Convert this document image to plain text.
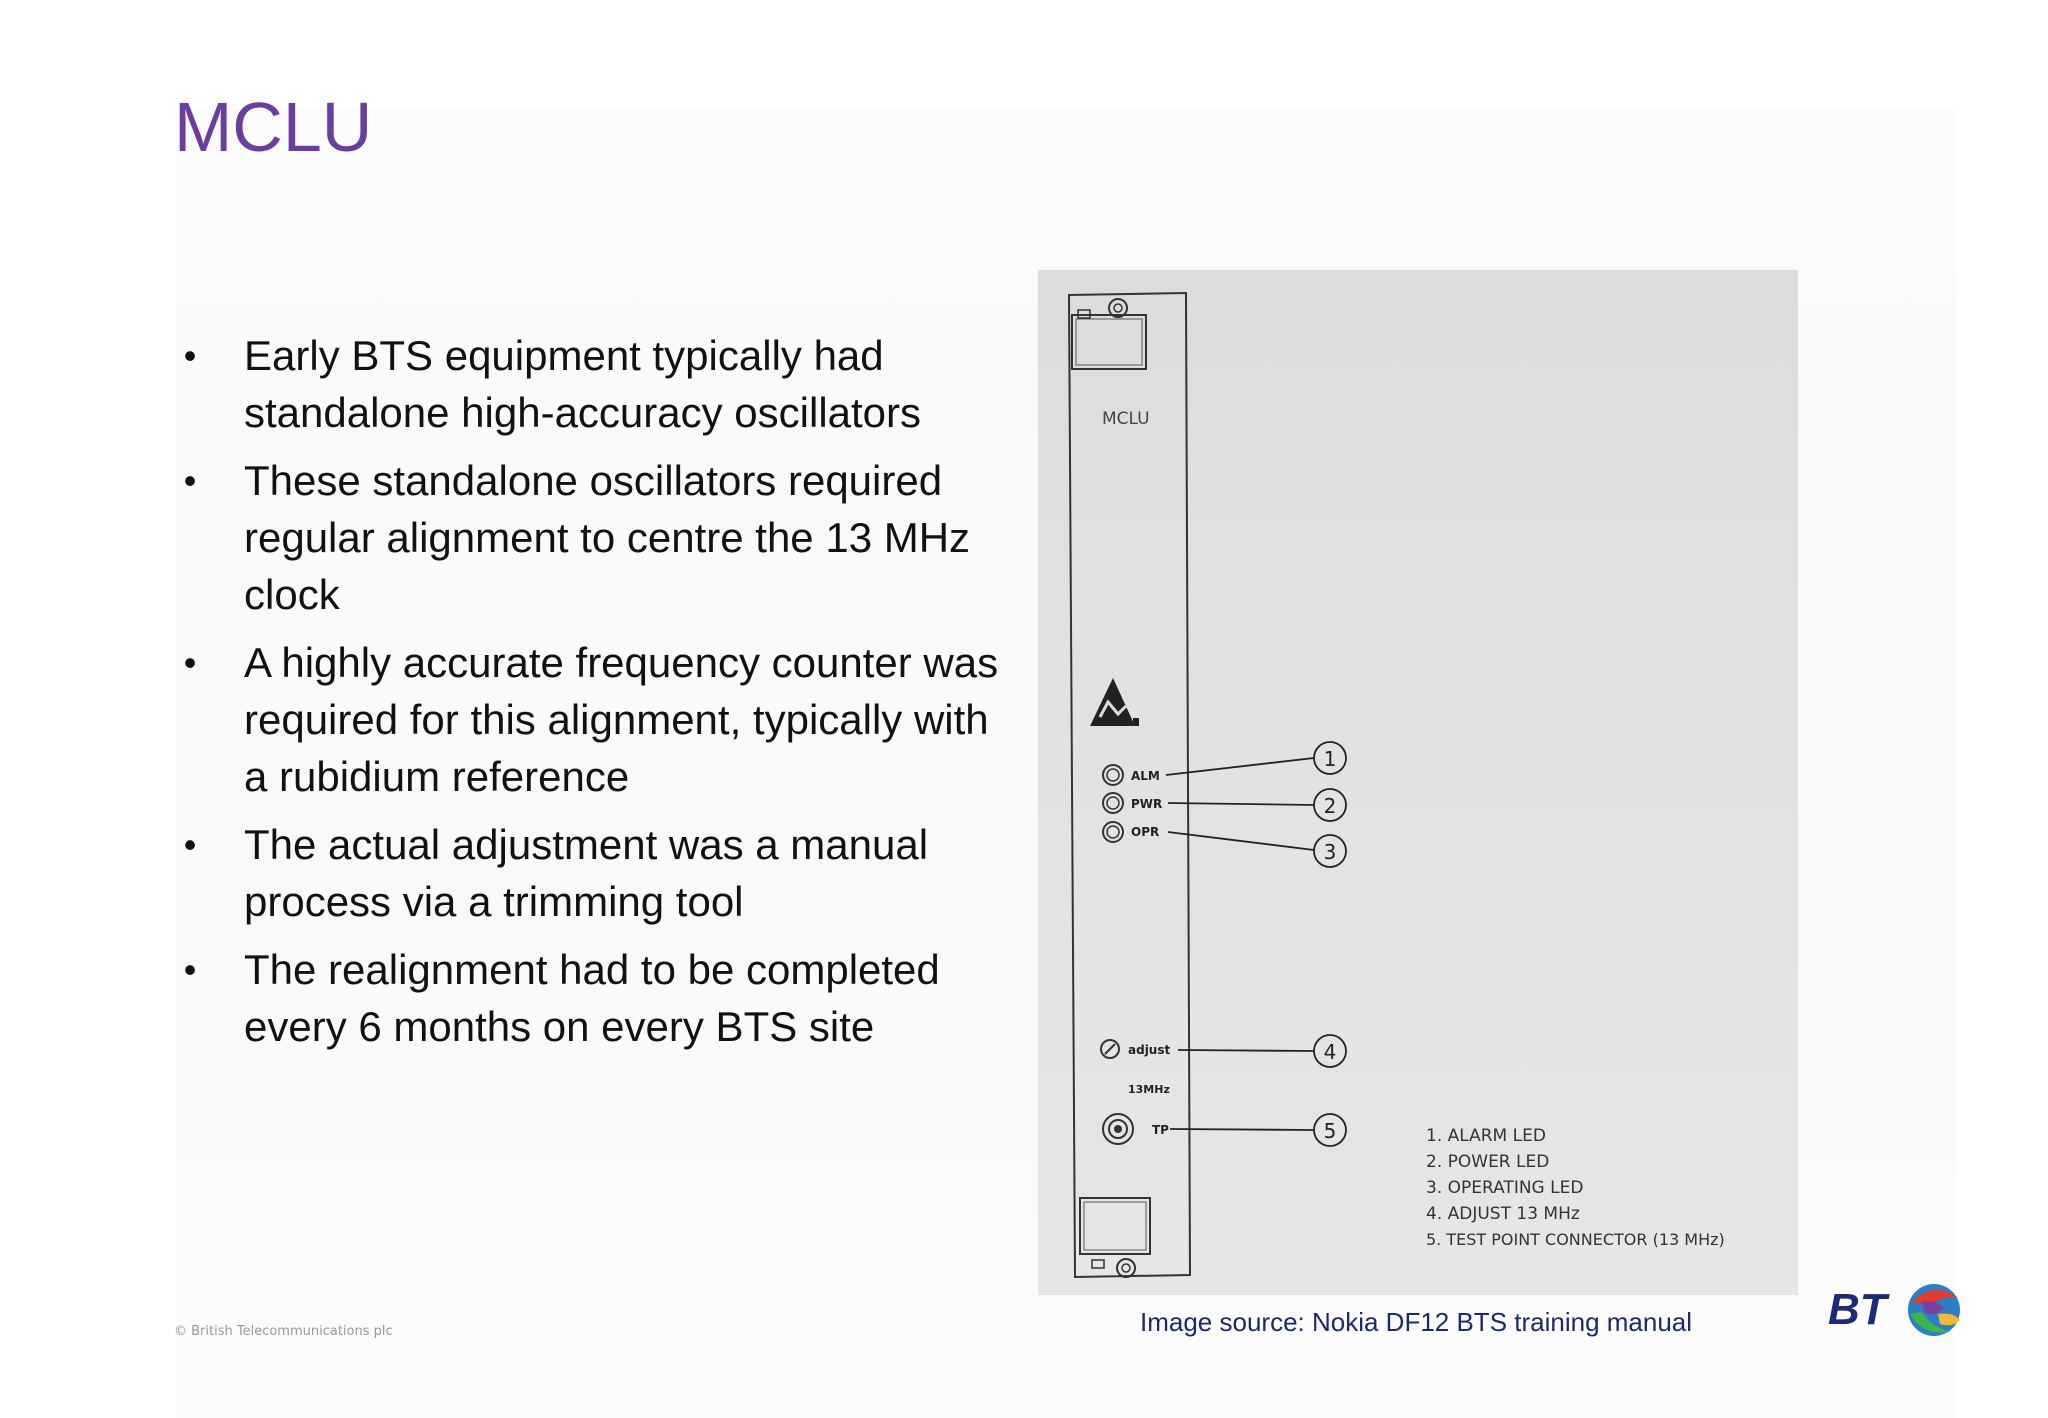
MCLU
• Early BTS equipment typically had standalone high-accuracy oscillators
• These standalone oscillators required regular alignment to centre the 13 MHz clock
• A highly accurate frequency counter was required for this alignment, typically with a rubidium reference
• The actual adjustment was a manual process via a trimming tool
• The realignment had to be completed every 6 months on every BTS site
MCLU
ALM
PWR
OPR
adjust
13MHz
TP
1
2
3
4
5	1. ALARM LED
2. POWER LED
3. OPERATING LED
4. ADJUST 13 MHz
5. TEST POINT CONNECTOR (13 MHz)
Image source: Nokia DF12 BTS training manual
© British Telecommunications plc	BT
